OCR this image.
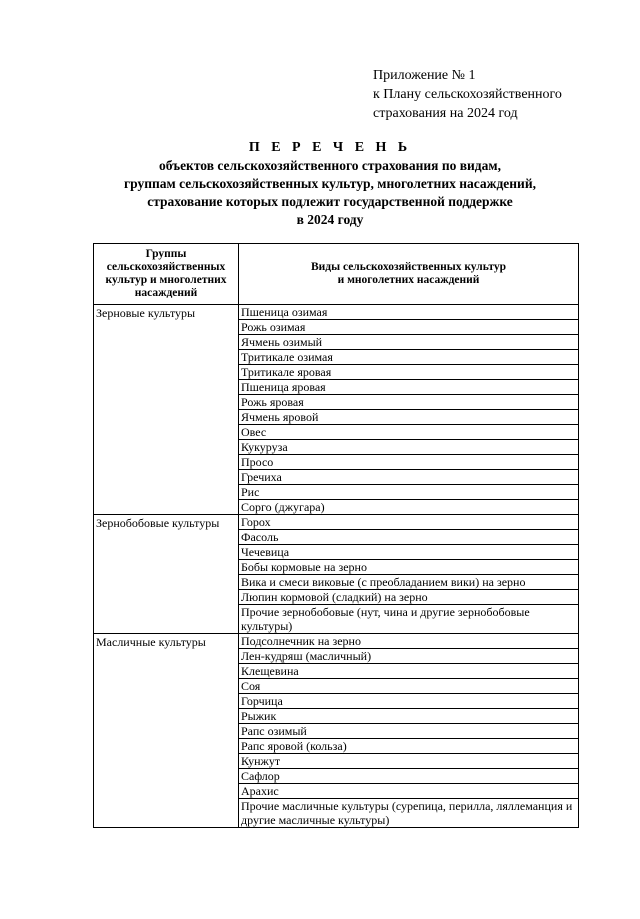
Приложение № 1
к Плану сельскохозяйственного
страхования на 2024 год
П Е Р Е Ч Е Н Ь
объектов сельскохозяйственного страхования по видам,
группам сельскохозяйственных культур, многолетних насаждений,
страхование которых подлежит государственной поддержке
в 2024 году
Группы сельскохозяйственных культур и многолетних насаждений	Виды сельскохозяйственных культур
и многолетних насаждений

Зерновые культуры	Пшеница озимая
	Рожь озимая
	Ячмень озимый
	Тритикале озимая
	Тритикале яровая
	Пшеница яровая
	Рожь яровая
	Ячмень яровой
	Овес
	Кукуруза
	Просо
	Гречиха
	Рис
	Сорго (джугара)
Зернобобовые культуры	Горох
	Фасоль
	Чечевица
	Бобы кормовые на зерно
	Вика и смеси виковые (с преобладанием вики) на зерно
	Люпин кормовой (сладкий) на зерно
	Прочие зернобобовые (нут, чина и другие зернобобовые культуры)
Масличные культуры	Подсолнечник на зерно
	Лен-кудряш (масличный)
	Клещевина
	Соя
	Горчица
	Рыжик
	Рапс озимый
	Рапс яровой (кольза)
	Кунжут
	Сафлор
	Арахис
	Прочие масличные культуры (сурепица, перилла, ляллеманция и другие масличные культуры)
